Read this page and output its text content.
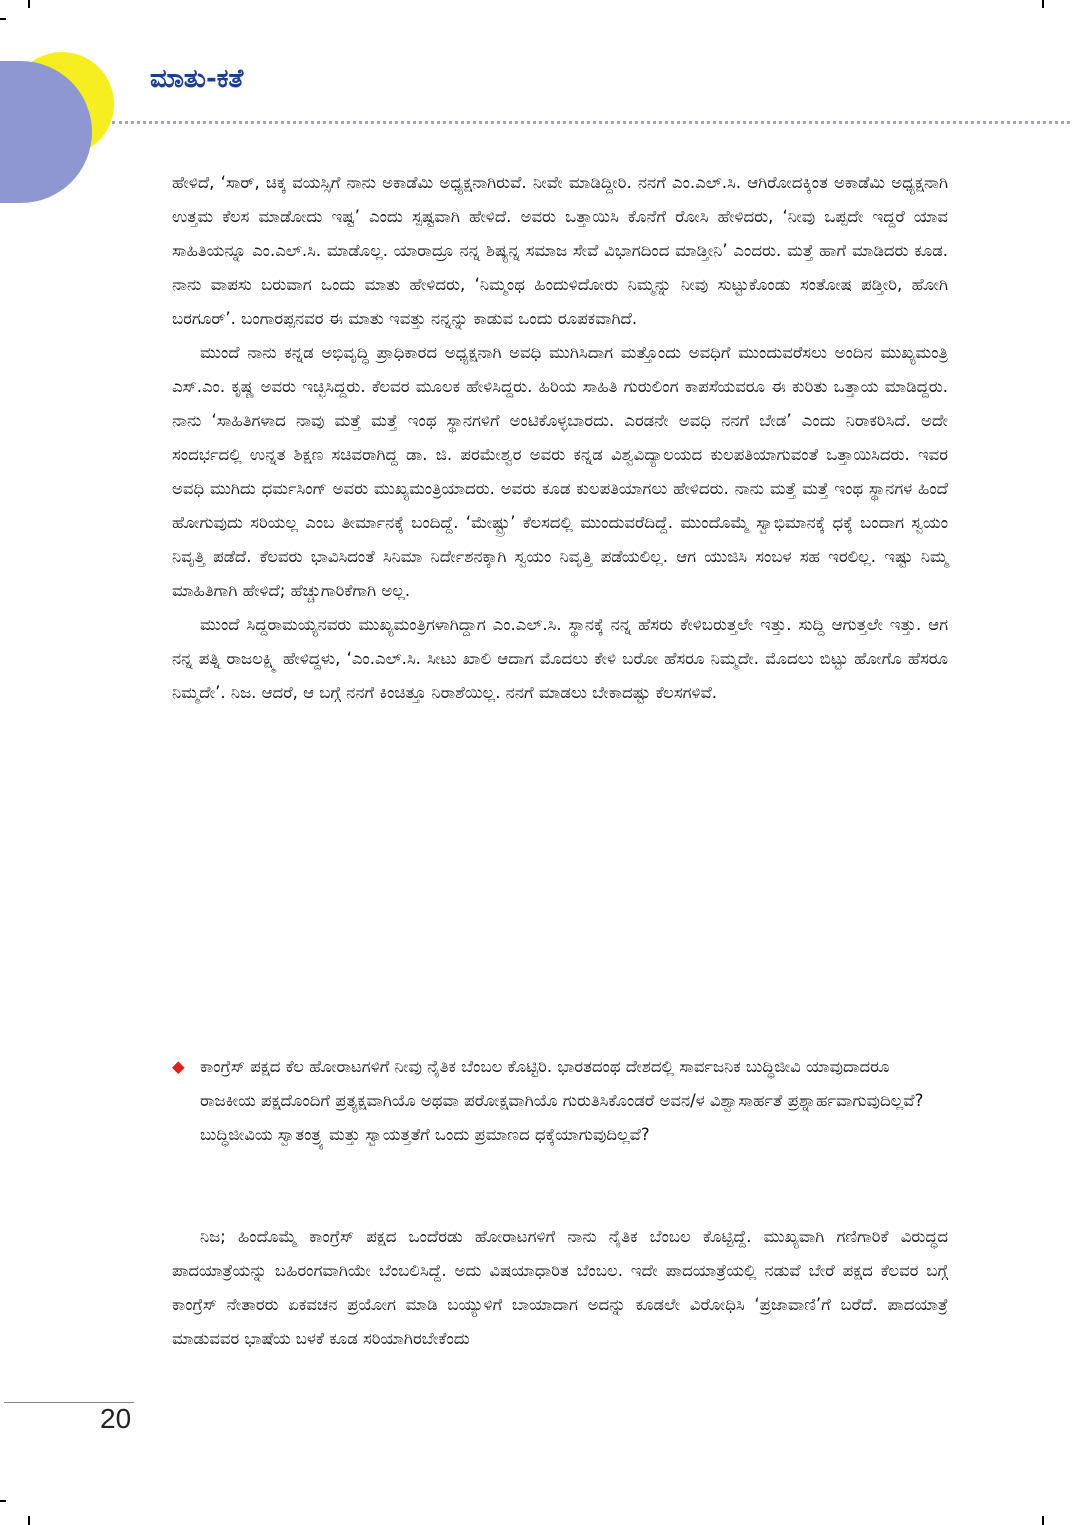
ಮಾತು-ಕತೆ

ಹೇಳಿದೆ, ‘ಸಾರ್, ಚಿಕ್ಕ ವಯಸ್ಸಿಗೆ ನಾನು ಅಕಾಡೆಮಿ ಅಧ್ಯಕ್ಷನಾಗಿರುವೆ. ನೀವೇ ಮಾಡಿದ್ದೀರಿ. ನನಗೆ ಎಂ.ಎಲ್.ಸಿ. ಆಗಿರೋದಕ್ಕಿಂತ ಅಕಾಡೆಮಿ ಅಧ್ಯಕ್ಷನಾಗಿ ಉತ್ತಮ ಕೆಲಸ ಮಾಡೋದು ಇಷ್ಟ’ ಎಂದು ಸ್ಪಷ್ಟವಾಗಿ ಹೇಳಿದೆ. ಅವರು ಒತ್ತಾಯಿಸಿ ಕೊನೆಗೆ ರೋಸಿ ಹೇಳಿದರು, ‘ನೀವು ಒಪ್ಪದೇ ಇದ್ದರೆ ಯಾವ ಸಾಹಿತಿಯನ್ನೂ ಎಂ.ಎಲ್.ಸಿ. ಮಾಡೊಲ್ಲ. ಯಾರಾದ್ರೂ ನನ್ನ ಶಿಷ್ಯನ್ನ ಸಮಾಜ ಸೇವೆ ವಿಭಾಗದಿಂದ ಮಾಡ್ತೀನಿ’ ಎಂದರು. ಮತ್ತೆ ಹಾಗೆ ಮಾಡಿದರು ಕೂಡ. ನಾನು ವಾಪಸು ಬರುವಾಗ ಒಂದು ಮಾತು ಹೇಳಿದರು, ‘ನಿಮ್ಮಂಥ ಹಿಂದುಳಿದೋರು ನಿಮ್ಮನ್ನು ನೀವು ಸುಟ್ಟುಕೊಂಡು ಸಂತೋಷ ಪಡ್ತೀರಿ, ಹೋಗಿ ಬರಗೂರ್’. ಬಂಗಾರಪ್ಪನವರ ಈ ಮಾತು ಇವತ್ತು ನನ್ನನ್ನು ಕಾಡುವ ಒಂದು ರೂಪಕವಾಗಿದೆ.

ಮುಂದೆ ನಾನು ಕನ್ನಡ ಅಭಿವೃದ್ಧಿ ಪ್ರಾಧಿಕಾರದ ಅಧ್ಯಕ್ಷನಾಗಿ ಅವಧಿ ಮುಗಿಸಿದಾಗ ಮತ್ತೊಂದು ಅವಧಿಗೆ ಮುಂದುವರೆಸಲು ಅಂದಿನ ಮುಖ್ಯಮಂತ್ರಿ ಎಸ್.ಎಂ. ಕೃಷ್ಣ ಅವರು ಇಚ್ಛಿಸಿದ್ದರು. ಕೆಲವರ ಮೂಲಕ ಹೇಳಿಸಿದ್ದರು. ಹಿರಿಯ ಸಾಹಿತಿ ಗುರುಲಿಂಗ ಕಾಪಸೆಯವರೂ ಈ ಕುರಿತು ಒತ್ತಾಯ ಮಾಡಿದ್ದರು. ನಾನು ‘ಸಾಹಿತಿಗಳಾದ ನಾವು ಮತ್ತೆ ಮತ್ತೆ ಇಂಥ ಸ್ಥಾನಗಳಿಗೆ ಅಂಟಿಕೊಳ್ಳಬಾರದು. ಎರಡನೇ ಅವಧಿ ನನಗೆ ಬೇಡ’ ಎಂದು ನಿರಾಕರಿಸಿದೆ. ಅದೇ ಸಂದರ್ಭದಲ್ಲಿ ಉನ್ನತ ಶಿಕ್ಷಣ ಸಚಿವರಾಗಿದ್ದ ಡಾ. ಜಿ. ಪರಮೇಶ್ವರ ಅವರು ಕನ್ನಡ ವಿಶ್ವವಿದ್ಯಾಲಯದ ಕುಲಪತಿಯಾಗುವಂತೆ ಒತ್ತಾಯಿಸಿದರು. ಇವರ ಅವಧಿ ಮುಗಿದು ಧರ್ಮಸಿಂಗ್ ಅವರು ಮುಖ್ಯಮಂತ್ರಿಯಾದರು. ಅವರು ಕೂಡ ಕುಲಪತಿಯಾಗಲು ಹೇಳಿದರು. ನಾನು ಮತ್ತೆ ಮತ್ತೆ ಇಂಥ ಸ್ಥಾನಗಳ ಹಿಂದೆ ಹೋಗುವುದು ಸರಿಯಲ್ಲ ಎಂಬ ತೀರ್ಮಾನಕ್ಕೆ ಬಂದಿದ್ದೆ. ‘ಮೇಷ್ಟ್ರು’ ಕೆಲಸದಲ್ಲಿ ಮುಂದುವರೆದಿದ್ದೆ. ಮುಂದೊಮ್ಮೆ ಸ್ವಾಭಿಮಾನಕ್ಕೆ ಧಕ್ಕೆ ಬಂದಾಗ ಸ್ವಯಂ ನಿವೃತ್ತಿ ಪಡೆದೆ. ಕೆಲವರು ಭಾವಿಸಿದಂತೆ ಸಿನಿಮಾ ನಿರ್ದೇಶನಕ್ಕಾಗಿ ಸ್ವಯಂ ನಿವೃತ್ತಿ ಪಡೆಯಲಿಲ್ಲ. ಆಗ ಯುಜಿಸಿ ಸಂಬಳ ಸಹ ಇರಲಿಲ್ಲ. ಇಷ್ಟು ನಿಮ್ಮ ಮಾಹಿತಿಗಾಗಿ ಹೇಳಿದೆ; ಹೆಚ್ಚುಗಾರಿಕೆಗಾಗಿ ಅಲ್ಲ.

ಮುಂದೆ ಸಿದ್ದರಾಮಯ್ಯನವರು ಮುಖ್ಯಮಂತ್ರಿಗಳಾಗಿದ್ದಾಗ ಎಂ.ಎಲ್.ಸಿ. ಸ್ಥಾನಕ್ಕೆ ನನ್ನ ಹೆಸರು ಕೇಳಿಬರುತ್ತಲೇ ಇತ್ತು. ಸುದ್ದಿ ಆಗುತ್ತಲೇ ಇತ್ತು. ಆಗ ನನ್ನ ಪತ್ನಿ ರಾಜಲಕ್ಷ್ಮಿ ಹೇಳಿದ್ದಳು, ‘ಎಂ.ಎಲ್.ಸಿ. ಸೀಟು ಖಾಲಿ ಆದಾಗ ಮೊದಲು ಕೇಳಿ ಬರೋ ಹೆಸರೂ ನಿಮ್ಮದೇ. ಮೊದಲು ಬಿಟ್ಟು ಹೋಗೊ ಹೆಸರೂ ನಿಮ್ಮದೇ’. ನಿಜ. ಆದರೆ, ಆ ಬಗ್ಗೆ ನನಗೆ ಕಿಂಚಿತ್ತೂ ನಿರಾಶೆಯಿಲ್ಲ. ನನಗೆ ಮಾಡಲು ಬೇಕಾದಷ್ಟು ಕೆಲಸಗಳಿವೆ.

◆ ಕಾಂಗ್ರೆಸ್ ಪಕ್ಷದ ಕೆಲ ಹೋರಾಟಗಳಿಗೆ ನೀವು ನೈತಿಕ ಬೆಂಬಲ ಕೊಟ್ಟಿರಿ. ಭಾರತದಂಥ ದೇಶದಲ್ಲಿ ಸಾರ್ವಜನಿಕ ಬುದ್ಧಿಜೀವಿ ಯಾವುದಾದರೂ ರಾಜಕೀಯ ಪಕ್ಷದೊಂದಿಗೆ ಪ್ರತ್ಯಕ್ಷವಾಗಿಯೊ ಅಥವಾ ಪರೋಕ್ಷವಾಗಿಯೊ ಗುರುತಿಸಿಕೊಂಡರೆ ಅವನ/ಳ ವಿಶ್ವಾಸಾರ್ಹತೆ ಪ್ರಶ್ನಾರ್ಹವಾಗುವುದಿಲ್ಲವೆ? ಬುದ್ಧಿಜೀವಿಯ ಸ್ವಾತಂತ್ರ್ಯ ಮತ್ತು ಸ್ವಾಯತ್ತತೆಗೆ ಒಂದು ಪ್ರಮಾಣದ ಧಕ್ಕೆಯಾಗುವುದಿಲ್ಲವೆ?

ನಿಜ; ಹಿಂದೊಮ್ಮೆ ಕಾಂಗ್ರೆಸ್ ಪಕ್ಷದ ಒಂದೆರಡು ಹೋರಾಟಗಳಿಗೆ ನಾನು ನೈತಿಕ ಬೆಂಬಲ ಕೊಟ್ಟಿದ್ದೆ. ಮುಖ್ಯವಾಗಿ ಗಣಿಗಾರಿಕೆ ವಿರುದ್ಧದ ಪಾದಯಾತ್ರೆಯನ್ನು ಬಹಿರಂಗವಾಗಿಯೇ ಬೆಂಬಲಿಸಿದ್ದೆ. ಅದು ವಿಷಯಾಧಾರಿತ ಬೆಂಬಲ. ಇದೇ ಪಾದಯಾತ್ರೆಯಲ್ಲಿ ನಡುವೆ ಬೇರೆ ಪಕ್ಷದ ಕೆಲವರ ಬಗ್ಗೆ ಕಾಂಗ್ರೆಸ್ ನೇತಾರರು ಏಕವಚನ ಪ್ರಯೋಗ ಮಾಡಿ ಬಯ್ಯುಳಿಗೆ ಬಾಯಾದಾಗ ಅದನ್ನು ಕೂಡಲೇ ವಿರೋಧಿಸಿ ‘ಪ್ರಜಾವಾಣಿ’ಗೆ ಬರೆದೆ. ಪಾದಯಾತ್ರೆ ಮಾಡುವವರ ಭಾಷೆಯ ಬಳಕೆ ಕೂಡ ಸರಿಯಾಗಿರಬೇಕೆಂದು

20
